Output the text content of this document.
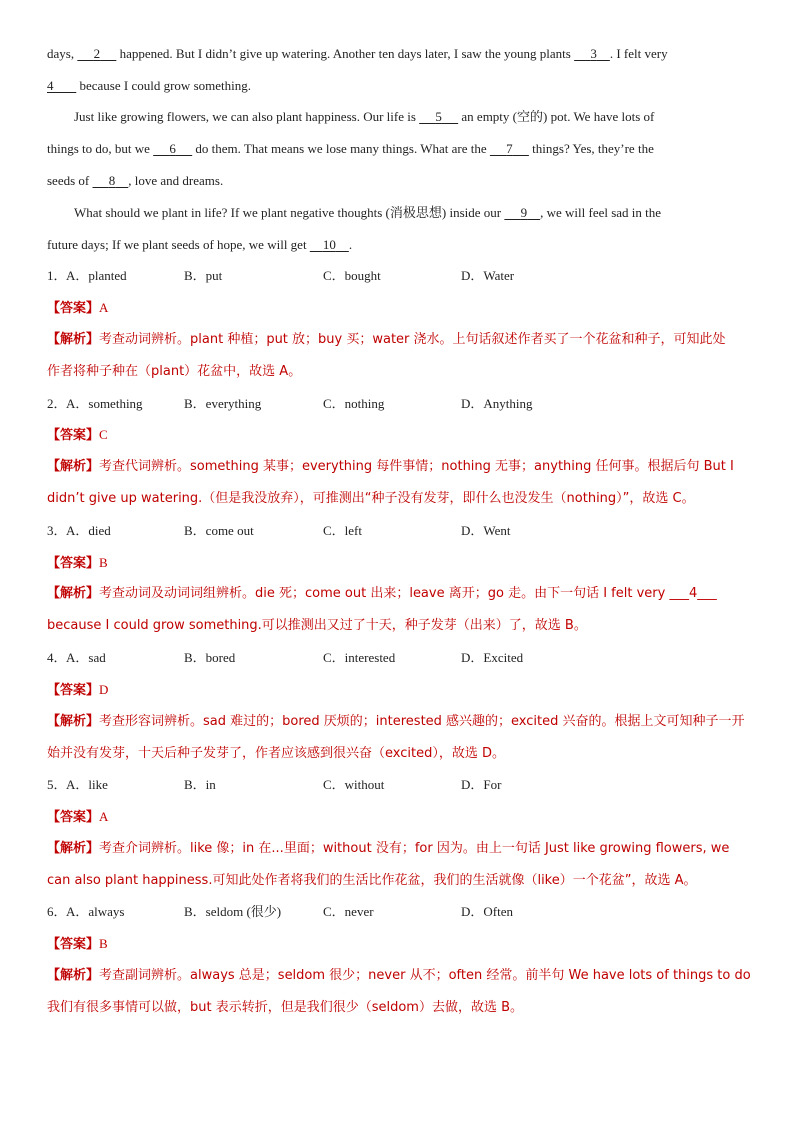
days, 2 happened. But I didn’t give up watering. Another ten days later, I saw the young plants 3 . I felt very
4 because I could grow something.
Just like growing flowers, we can also plant happiness. Our life is 5 an empty (空的) pot. We have lots of
things to do, but we 6 do them. That means we lose many things. What are the 7 things? Yes, they’re the
seeds of 8 , love and dreams.
What should we plant in life? If we plant negative thoughts (消极思想) inside our 9 , we will feel sad in the
future days; If we plant seeds of hope, we will get 10 .
1． A．planted	B．put	C．bought	D．Water
【答案】A
【解析】考查动词辨析。plant 种植；put 放；buy 买；water 浇水。上句话叙述作者买了一个花盆和种子，可知此处
作者将种子种在（plant）花盆中，故选 A。
2． A．something	B．everything	C．nothing	D．Anything
【答案】C
【解析】考查代词辨析。something 某事；everything 每件事情；nothing 无事；anything 任何事。根据后句 But I
didn’t give up watering.（但是我没放弃），可推测出“种子没有发芽，即什么也没发生（nothing）”，故选 C。
3． A．died	B．come out	C．left	D．Went
【答案】B
【解析】考查动词及动词词组辨析。die 死；come out 出来；leave 离开；go 走。由下一句话 I felt very ___4___
because I could grow something.可以推测出又过了十天，种子发芽（出来）了，故选 B。
4． A．sad	B．bored	C．interested	D．Excited
【答案】D
【解析】考查形容词辨析。sad 难过的；bored 厌烦的；interested 感兴趣的；excited 兴奋的。根据上文可知种子一开
始并没有发芽，十天后种子发芽了，作者应该感到很兴奋（excited），故选 D。
5． A．like	B．in	C．without	D．For
【答案】A
【解析】考查介词辨析。like 像；in 在...里面；without 没有；for 因为。由上一句话 Just like growing flowers, we
can also plant happiness.可知此处作者将我们的生活比作花盆，我们的生活就像（like）一个花盆”，故选 A。
6． A．always	B．seldom (很少)	C．never	D．Often
【答案】B
【解析】考查副词辨析。always 总是；seldom 很少；never 从不；often 经常。前半句 We have lots of things to do
我们有很多事情可以做，but 表示转折，但是我们很少（seldom）去做，故选 B。
